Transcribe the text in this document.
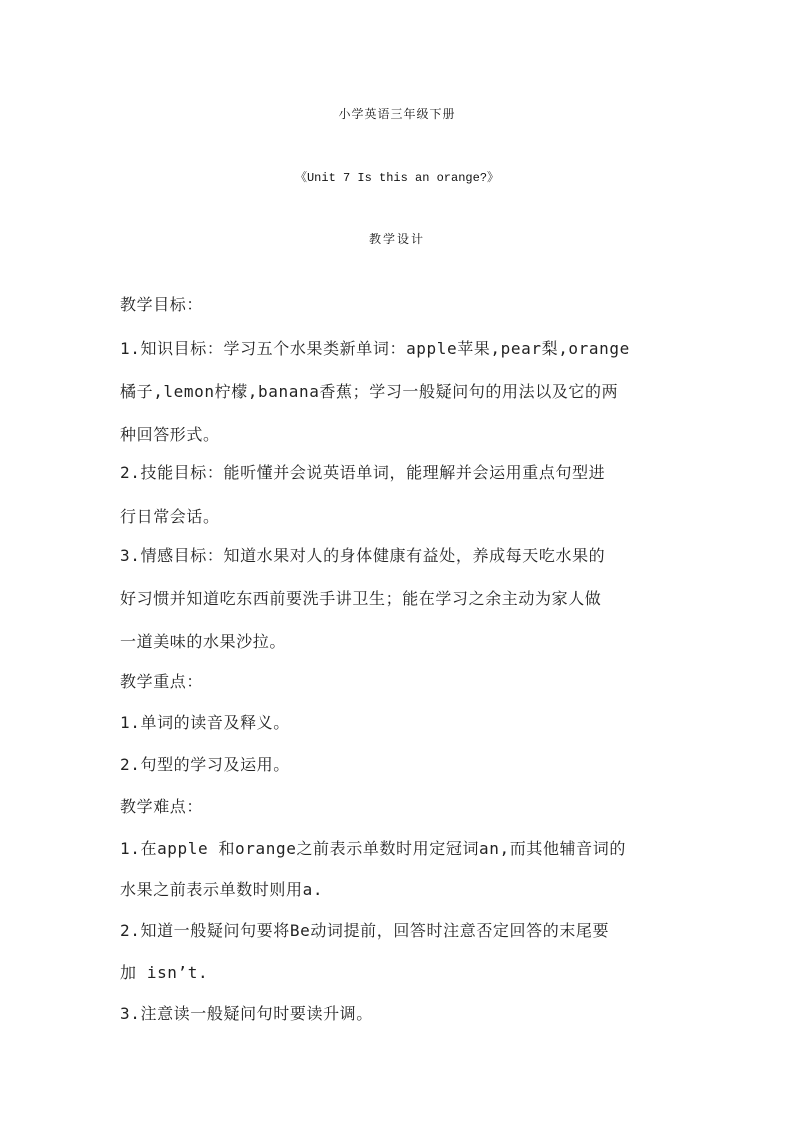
小学英语三年级下册
《Unit 7 Is this an orange?》
教学设计
教学目标：
1.知识目标：学习五个水果类新单词：apple苹果,pear梨,orange
橘子,lemon柠檬,banana香蕉；学习一般疑问句的用法以及它的两
种回答形式。
2.技能目标：能听懂并会说英语单词，能理解并会运用重点句型进
行日常会话。
3.情感目标：知道水果对人的身体健康有益处，养成每天吃水果的
好习惯并知道吃东西前要洗手讲卫生；能在学习之余主动为家人做
一道美味的水果沙拉。
教学重点：
1.单词的读音及释义。
2.句型的学习及运用。
教学难点：
1.在apple 和orange之前表示单数时用定冠词an,而其他辅音词的
水果之前表示单数时则用a.
2.知道一般疑问句要将Be动词提前，回答时注意否定回答的末尾要
加 isn’t.
3.注意读一般疑问句时要读升调。
